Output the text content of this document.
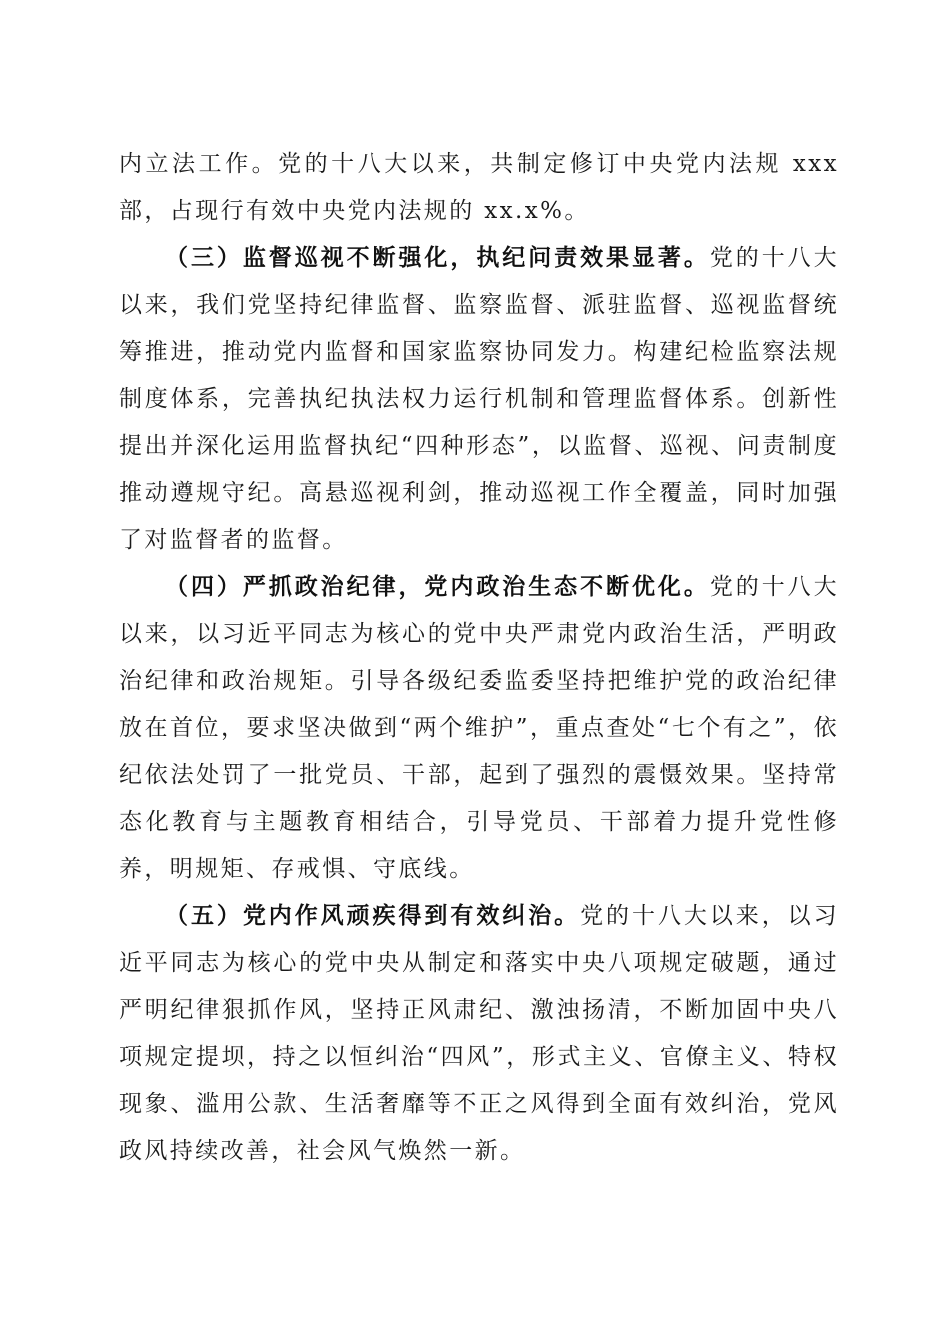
内立法工作。党的十八大以来，共制定修订中央党内法规 xxx 部，占现行有效中央党内法规的 xx.x%。

（三）监督巡视不断强化，执纪问责效果显著。党的十八大以来，我们党坚持纪律监督、监察监督、派驻监督、巡视监督统筹推进，推动党内监督和国家监察协同发力。构建纪检监察法规制度体系，完善执纪执法权力运行机制和管理监督体系。创新性提出并深化运用监督执纪“四种形态”，以监督、巡视、问责制度推动遵规守纪。高悬巡视利剑，推动巡视工作全覆盖，同时加强了对监督者的监督。

（四）严抓政治纪律，党内政治生态不断优化。党的十八大以来，以习近平同志为核心的党中央严肃党内政治生活，严明政治纪律和政治规矩。引导各级纪委监委坚持把维护党的政治纪律放在首位，要求坚决做到“两个维护”，重点查处“七个有之”，依纪依法处罚了一批党员、干部，起到了强烈的震慑效果。坚持常态化教育与主题教育相结合，引导党员、干部着力提升党性修养，明规矩、存戒惧、守底线。

（五）党内作风顽疾得到有效纠治。党的十八大以来，以习近平同志为核心的党中央从制定和落实中央八项规定破题，通过严明纪律狠抓作风，坚持正风肃纪、激浊扬清，不断加固中央八项规定提坝，持之以恒纠治“四风”，形式主义、官僚主义、特权现象、滥用公款、生活奢靡等不正之风得到全面有效纠治，党风政风持续改善，社会风气焕然一新。
